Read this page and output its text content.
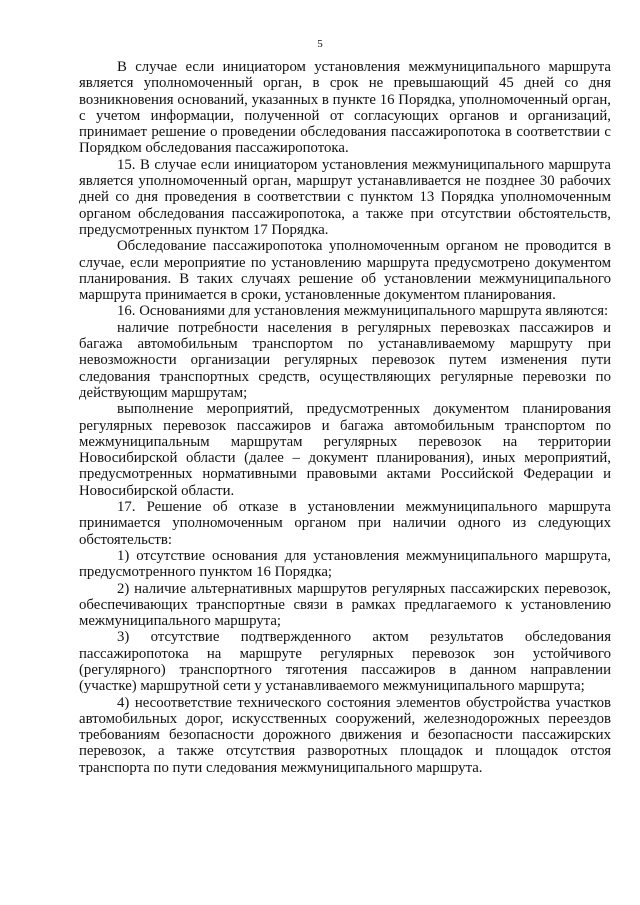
5

В случае если инициатором установления межмуниципального маршрута является уполномоченный орган, в срок не превышающий 45 дней со дня возникновения оснований, указанных в пункте 16 Порядка, уполномоченный орган, с учетом информации, полученной от согласующих органов и организаций, принимает решение о проведении обследования пассажиропотока в соответствии с Порядком обследования пассажиропотока.

15. В случае если инициатором установления межмуниципального маршрута является уполномоченный орган, маршрут устанавливается не позднее 30 рабочих дней со дня проведения в соответствии с пунктом 13 Порядка уполномоченным органом обследования пассажиропотока, а также при отсутствии обстоятельств, предусмотренных пунктом 17 Порядка.

Обследование пассажиропотока уполномоченным органом не проводится в случае, если мероприятие по установлению маршрута предусмотрено документом планирования. В таких случаях решение об установлении межмуниципального маршрута принимается в сроки, установленные документом планирования.

16. Основаниями для установления межмуниципального маршрута являются:

наличие потребности населения в регулярных перевозках пассажиров и багажа автомобильным транспортом по устанавливаемому маршруту при невозможности организации регулярных перевозок путем изменения пути следования транспортных средств, осуществляющих регулярные перевозки по действующим маршрутам;

выполнение мероприятий, предусмотренных документом планирования регулярных перевозок пассажиров и багажа автомобильным транспортом по межмуниципальным маршрутам регулярных перевозок на территории Новосибирской области (далее – документ планирования), иных мероприятий, предусмотренных нормативными правовыми актами Российской Федерации и Новосибирской области.

17. Решение об отказе в установлении межмуниципального маршрута принимается уполномоченным органом при наличии одного из следующих обстоятельств:

1) отсутствие основания для установления межмуниципального маршрута, предусмотренного пунктом 16 Порядка;

2) наличие альтернативных маршрутов регулярных пассажирских перевозок, обеспечивающих транспортные связи в рамках предлагаемого к установлению межмуниципального маршрута;

3) отсутствие подтвержденного актом результатов обследования пассажиропотока на маршруте регулярных перевозок зон устойчивого (регулярного) транспортного тяготения пассажиров в данном направлении (участке) маршрутной сети у устанавливаемого межмуниципального маршрута;

4) несоответствие технического состояния элементов обустройства участков автомобильных дорог, искусственных сооружений, железнодорожных переездов требованиям безопасности дорожного движения и безопасности пассажирских перевозок, а также отсутствия разворотных площадок и площадок отстоя транспорта по пути следования межмуниципального маршрута.
